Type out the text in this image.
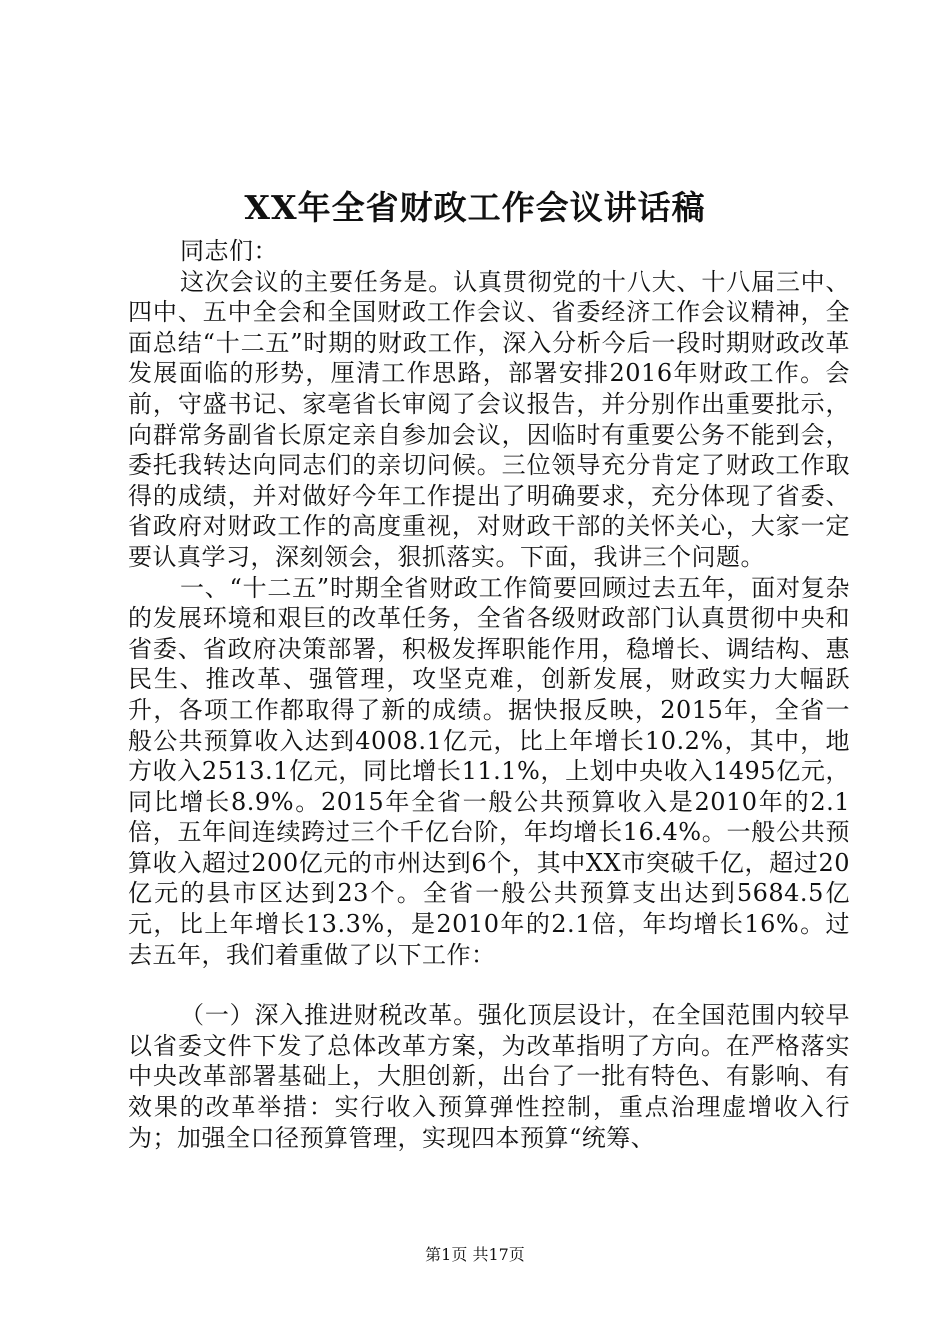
XX年全省财政工作会议讲话稿

同志们：

这次会议的主要任务是。认真贯彻党的十八大、十八届三中、四中、五中全会和全国财政工作会议、省委经济工作会议精神，全面总结“十二五”时期的财政工作，深入分析今后一段时期财政改革发展面临的形势，厘清工作思路，部署安排2016年财政工作。会前，守盛书记、家亳省长审阅了会议报告，并分别作出重要批示，向群常务副省长原定亲自参加会议，因临时有重要公务不能到会，委托我转达向同志们的亲切问候。三位领导充分肯定了财政工作取得的成绩，并对做好今年工作提出了明确要求，充分体现了省委、省政府对财政工作的高度重视，对财政干部的关怀关心，大家一定要认真学习，深刻领会，狠抓落实。下面，我讲三个问题。

一、“十二五”时期全省财政工作简要回顾过去五年，面对复杂的发展环境和艰巨的改革任务，全省各级财政部门认真贯彻中央和省委、省政府决策部署，积极发挥职能作用，稳增长、调结构、惠民生、推改革、强管理，攻坚克难，创新发展，财政实力大幅跃升，各项工作都取得了新的成绩。据快报反映，2015年，全省一般公共预算收入达到4008.1亿元，比上年增长10.2%，其中，地方收入2513.1亿元，同比增长11.1%，上划中央收入1495亿元，同比增长8.9%。2015年全省一般公共预算收入是2010年的2.1倍，五年间连续跨过三个千亿台阶，年均增长16.4%。一般公共预算收入超过200亿元的市州达到6个，其中XX市突破千亿，超过20亿元的县市区达到23个。全省一般公共预算支出达到5684.5亿元，比上年增长13.3%，是2010年的2.1倍，年均增长16%。过去五年，我们着重做了以下工作：

（一）深入推进财税改革。强化顶层设计，在全国范围内较早以省委文件下发了总体改革方案，为改革指明了方向。在严格落实中央改革部署基础上，大胆创新，出台了一批有特色、有影响、有效果的改革举措：实行收入预算弹性控制，重点治理虚增收入行为；加强全口径预算管理，实现四本预算“统筹、

第1页 共17页
